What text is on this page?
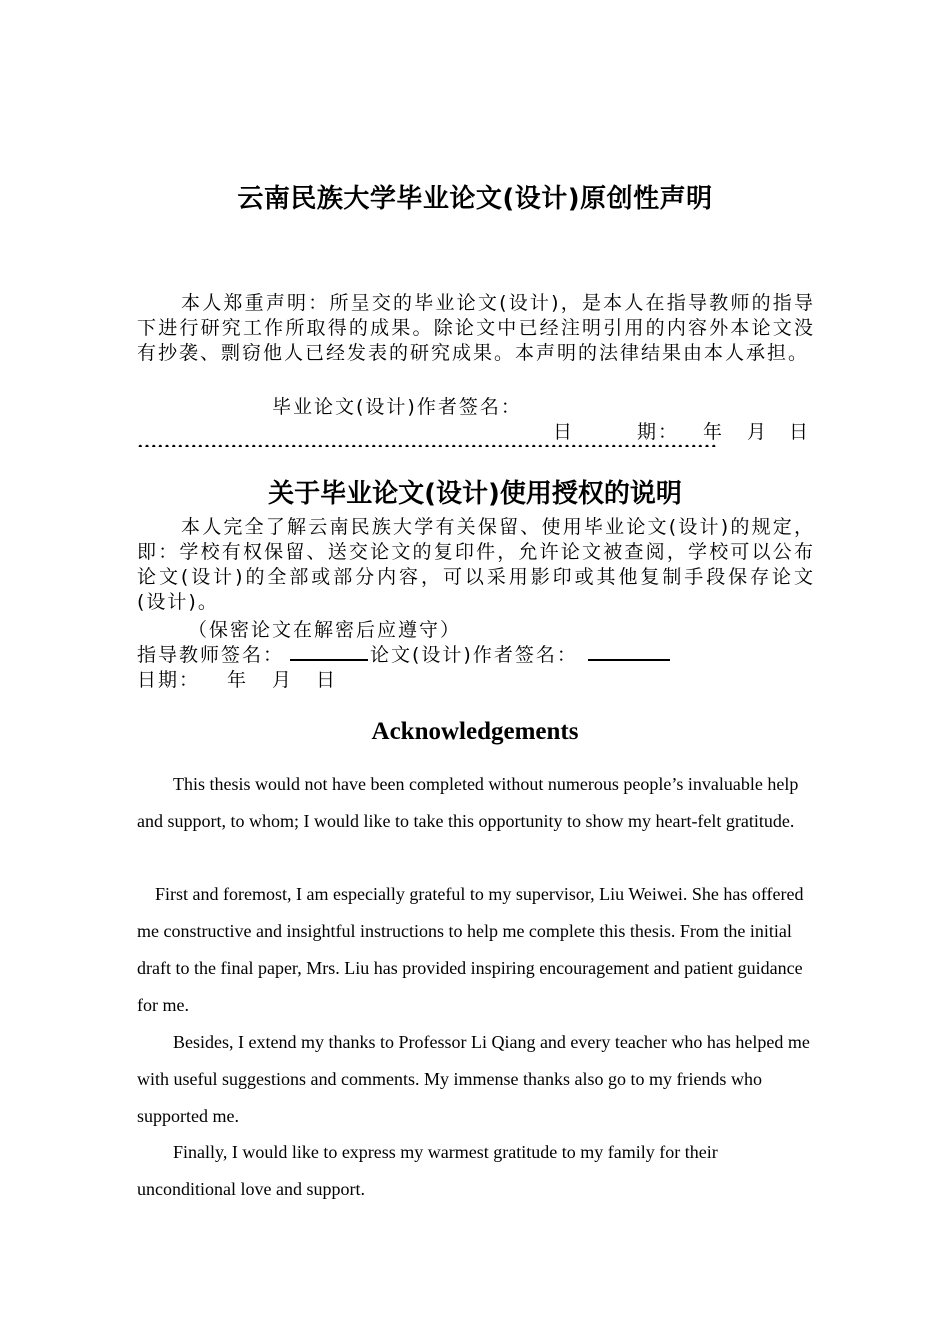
云南民族大学毕业论文(设计)原创性声明

本人郑重声明：所呈交的毕业论文(设计)，是本人在指导教师的指导下进行研究工作所取得的成果。除论文中已经注明引用的内容外本论文没有抄袭、剽窃他人已经发表的研究成果。本声明的法律结果由本人承担。

毕业论文(设计)作者签名：
日	期： 年 月 日
关于毕业论文(设计)使用授权的说明

本人完全了解云南民族大学有关保留、使用毕业论文(设计)的规定，即：学校有权保留、送交论文的复印件，允许论文被查阅，学校可以公布论文(设计)的全部或部分内容，可以采用影印或其他复制手段保存论文(设计)。

（保密论文在解密后应遵守）
指导教师签名：	论文(设计)作者签名：
日期： 年 月 日
Acknowledgements

This thesis would not have been completed without numerous people’s invaluable help and support, to whom; I would like to take this opportunity to show my heart-felt gratitude.

First and foremost, I am especially grateful to my supervisor, Liu Weiwei. She has offered me constructive and insightful instructions to help me complete this thesis. From the initial draft to the final paper, Mrs. Liu has provided inspiring encouragement and patient guidance for me.

Besides, I extend my thanks to Professor Li Qiang and every teacher who has helped me with useful suggestions and comments. My immense thanks also go to my friends who supported me.

Finally, I would like to express my warmest gratitude to my family for their unconditional love and support.
